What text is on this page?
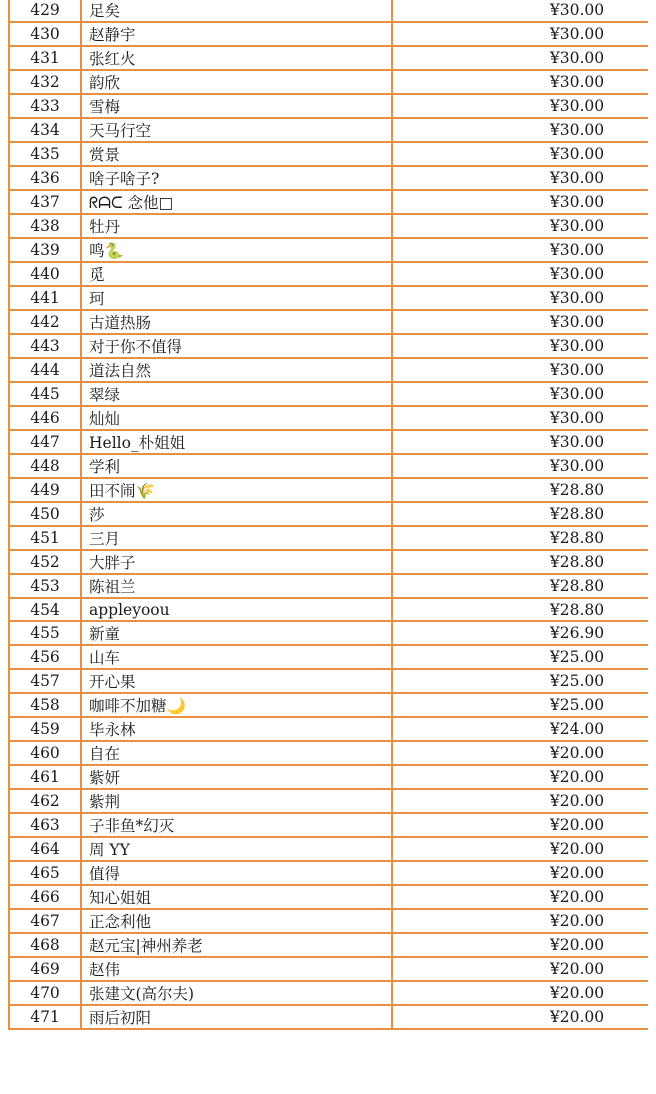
429	足矣	¥30.00
430	赵静宇	¥30.00
431	张红火	¥30.00
432	韵欣	¥30.00
433	雪梅	¥30.00
434	天马行空	¥30.00
435	赏景	¥30.00
436	啥子啥子?	¥30.00
437	ᖇᗩᑕ 念他□	¥30.00
438	牡丹	¥30.00
439	鸣🐍	¥30.00
440	觅	¥30.00
441	珂	¥30.00
442	古道热肠	¥30.00
443	对于你不值得	¥30.00
444	道法自然	¥30.00
445	翠绿	¥30.00
446	灿灿	¥30.00
447	Hello_朴姐姐	¥30.00
448	学利	¥30.00
449	田不闹🌾	¥28.80
450	莎	¥28.80
451	三月	¥28.80
452	大胖子	¥28.80
453	陈祖兰	¥28.80
454	appleyoou	¥28.80
455	新童	¥26.90
456	山车	¥25.00
457	开心果	¥25.00
458	咖啡不加糖🌙	¥25.00
459	毕永林	¥24.00
460	自在	¥20.00
461	紫妍	¥20.00
462	紫荆	¥20.00
463	子非鱼*幻灭	¥20.00
464	周 YY	¥20.00
465	值得	¥20.00
466	知心姐姐	¥20.00
467	正念利他	¥20.00
468	赵元宝|神州养老	¥20.00
469	赵伟	¥20.00
470	张建文(高尔夫)	¥20.00
471	雨后初阳	¥20.00
